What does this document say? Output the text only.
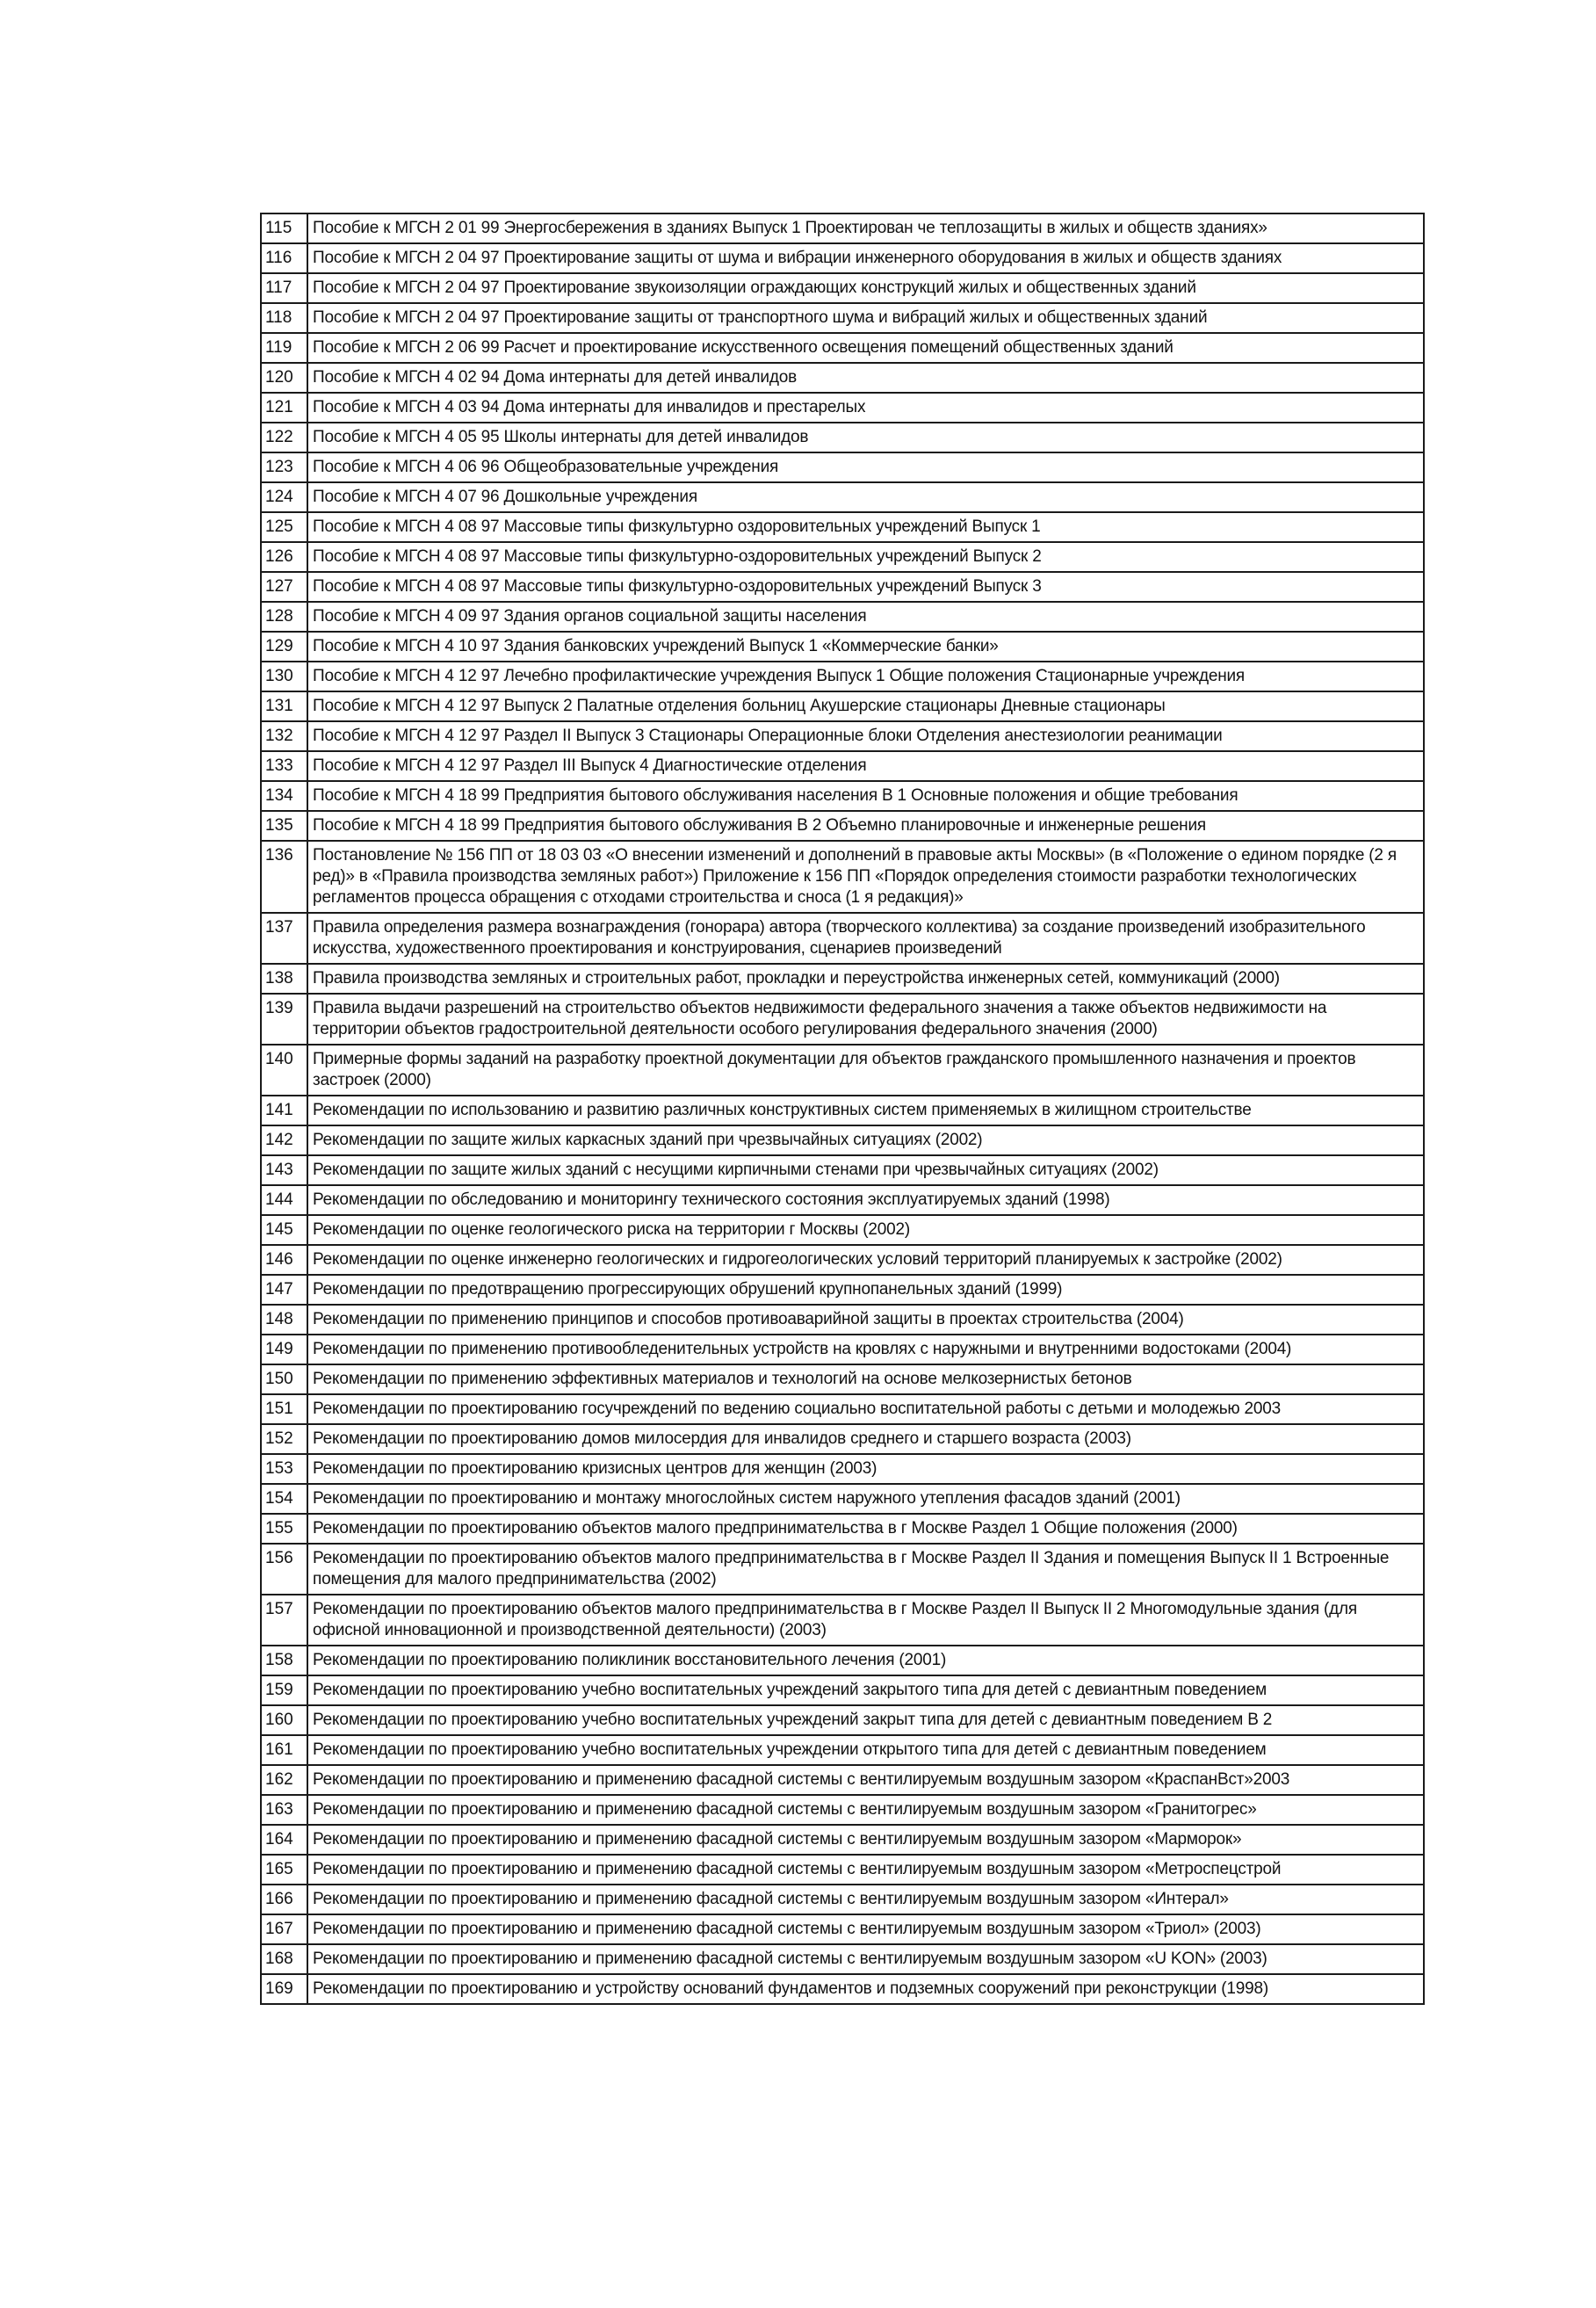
115	Пособие к МГСН 2 01 99 Энергосбережения в зданиях Выпуск 1 Проектирован че теплозащиты в жилых и обществ зданиях»
116	Пособие к МГСН 2 04 97 Проектирование защиты от шума и вибрации инженерного оборудования в жилых и обществ зданиях
117	Пособие к МГСН 2 04 97 Проектирование звукоизоляции ограждающих конструкций жилых и общественных зданий
118	Пособие к МГСН 2 04 97 Проектирование защиты от транспортного шума и вибраций жилых и общественных зданий
119	Пособие к МГСН 2 06 99 Расчет и проектирование искусственного освещения помещений общественных зданий
120	Пособие к МГСН 4 02 94 Дома интернаты для детей инвалидов
121	Пособие к МГСН 4 03 94 Дома интернаты для инвалидов и престарелых
122	Пособие к МГСН 4 05 95 Школы интернаты для детей инвалидов
123	Пособие к МГСН 4 06 96 Общеобразовательные учреждения
124	Пособие к МГСН 4 07 96 Дошкольные учреждения
125	Пособие к МГСН 4 08 97 Массовые типы физкультурно оздоровительных учреждений Выпуск 1
126	Пособие к МГСН 4 08 97 Массовые типы физкультурно-оздоровительных учреждений Выпуск 2
127	Пособие к МГСН 4 08 97 Массовые типы физкультурно-оздоровительных учреждений Выпуск 3
128	Пособие к МГСН 4 09 97 Здания органов социальной защиты населения
129	Пособие к МГСН 4 10 97 Здания банковских учреждений Выпуск 1 «Коммерческие банки»
130	Пособие к МГСН 4 12 97 Лечебно профилактические учреждения Выпуск 1 Общие положения Стационарные учреждения
131	Пособие к МГСН 4 12 97 Выпуск 2 Палатные отделения больниц Акушерские стационары Дневные стационары
132	Пособие к МГСН 4 12 97 Раздел II Выпуск 3 Стационары Операционные блоки Отделения анестезиологии реанимации
133	Пособие к МГСН 4 12 97 Раздел III Выпуск 4 Диагностические отделения
134	Пособие к МГСН 4 18 99 Предприятия бытового обслуживания населения В 1 Основные положения и общие требования
135	Пособие к МГСН 4 18 99 Предприятия бытового обслуживания В 2 Объемно планировочные и инженерные решения
136	Постановление № 156 ПП от 18 03 03 «О внесении изменений и дополнений в правовые акты Москвы» (в «Положение о едином порядке (2 я ред)» в «Правила производства земляных работ») Приложение к 156 ПП «Порядок определения стоимости разработки технологических регламентов процесса обращения с отходами строительства и сноса (1 я редакция)»
137	Правила определения размера вознаграждения (гонорара) автора (творческого коллектива) за создание произведений изобразительного искусства, художественного проектирования и конструирования, сценариев произведений
138	Правила производства земляных и строительных работ, прокладки и переустройства инженерных сетей, коммуникаций (2000)
139	Правила выдачи разрешений на строительство объектов недвижимости федерального значения а также объектов недвижимости на территории объектов градостроительной деятельности особого регулирования федерального значения (2000)
140	Примерные формы заданий на разработку проектной документации для объектов гражданского промышленного назначения и проектов застроек (2000)
141	Рекомендации по использованию и развитию различных конструктивных систем применяемых в жилищном строительстве
142	Рекомендации по защите жилых каркасных зданий при чрезвычайных ситуациях (2002)
143	Рекомендации по защите жилых зданий с несущими кирпичными стенами при чрезвычайных ситуациях (2002)
144	Рекомендации по обследованию и мониторингу технического состояния эксплуатируемых зданий (1998)
145	Рекомендации по оценке геологического риска на территории г Москвы (2002)
146	Рекомендации по оценке инженерно геологических и гидрогеологических условий территорий планируемых к застройке (2002)
147	Рекомендации по предотвращению прогрессирующих обрушений крупнопанельных зданий (1999)
148	Рекомендации по применению принципов и способов противоаварийной защиты в проектах строительства (2004)
149	Рекомендации по применению противообледенительных устройств на кровлях с наружными и внутренними водостоками (2004)
150	Рекомендации по применению эффективных материалов и технологий на основе мелкозернистых бетонов
151	Рекомендации по проектированию госучреждений по ведению социально воспитательной работы с детьми и молодежью 2003
152	Рекомендации по проектированию домов милосердия для инвалидов среднего и старшего возраста (2003)
153	Рекомендации по проектированию кризисных центров для женщин (2003)
154	Рекомендации по проектированию и монтажу многослойных систем наружного утепления фасадов зданий (2001)
155	Рекомендации по проектированию объектов малого предпринимательства в г Москве Раздел 1 Общие положения (2000)
156	Рекомендации по проектированию объектов малого предпринимательства в г Москве Раздел II Здания и помещения Выпуск II 1 Встроенные помещения для малого предпринимательства (2002)
157	Рекомендации по проектированию объектов малого предпринимательства в г Москве Раздел II Выпуск II 2 Многомодульные здания (для офисной инновационной и производственной деятельности) (2003)
158	Рекомендации по проектированию поликлиник восстановительного лечения (2001)
159	Рекомендации по проектированию учебно воспитательных учреждений закрытого типа для детей с девиантным поведением
160	Рекомендации по проектированию учебно воспитательных учреждений закрыт типа для детей с девиантным поведением В 2
161	Рекомендации по проектированию учебно воспитательных учреждении открытого типа для детей с девиантным поведением
162	Рекомендации по проектированию и применению фасадной системы с вентилируемым воздушным зазором «КраспанВст»2003
163	Рекомендации по проектированию и применению фасадной системы с вентилируемым воздушным зазором «Гранитогрес»
164	Рекомендации по проектированию и применению фасадной системы с вентилируемым воздушным зазором «Марморок»
165	Рекомендации по проектированию и применению фасадной системы с вентилируемым воздушным зазором «Метроспецстрой
166	Рекомендации по проектированию и применению фасадной системы с вентилируемым воздушным зазором «Интерал»
167	Рекомендации по проектированию и применению фасадной системы с вентилируемым воздушным зазором «Триол» (2003)
168	Рекомендации по проектированию и применению фасадной системы с вентилируемым воздушным зазором «U KON» (2003)
169	Рекомендации по проектированию и устройству оснований фундаментов и подземных сооружений при реконструкции (1998)
